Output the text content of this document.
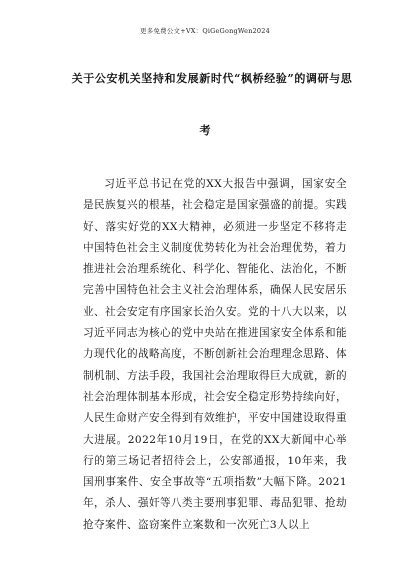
更多免费公文+VX：QiGeGongWen2024
关于公安机关坚持和发展新时代“枫桥经验”的调研与思
考

习近平总书记在党的XX大报告中强调，国家安全是民族复兴的根基，社会稳定是国家强盛的前提。实践好、落实好党的XX大精神，必须进一步坚定不移将走中国特色社会主义制度优势转化为社会治理优势，着力推进社会治理系统化、科学化、智能化、法治化，不断完善中国特色社会主义社会治理体系，确保人民安居乐业、社会安定有序国家长治久安。党的十八大以来，以习近平同志为核心的党中央站在推进国家安全体系和能力现代化的战略高度，不断创新社会治理理念思路、体制机制、方法手段，我国社会治理取得巨大成就，新的社会治理体制基本形成，社会安全稳定形势持续向好，人民生命财产安全得到有效维护，平安中国建设取得重大进展。2022年10月19日，在党的XX大新闻中心举行的第三场记者招待会上，公安部通报，10年来，我国刑事案件、安全事故等“五项指数”大幅下降。2021年，杀人、强奸等八类主要刑事犯罪、毒品犯罪、抢劫抢夺案件、盗窃案件立案数和一次死亡3人以上
